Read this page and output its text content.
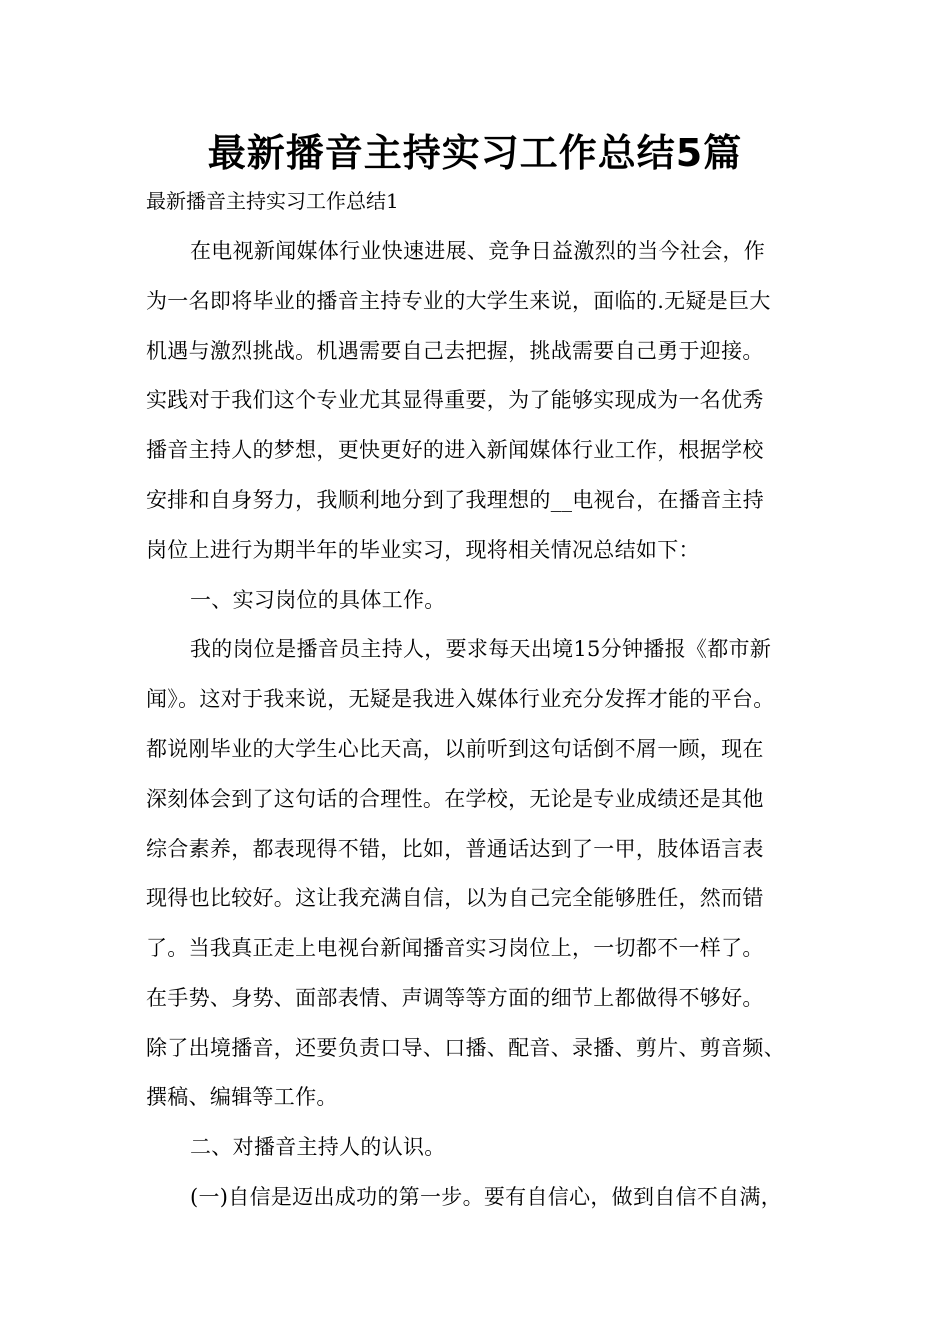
最新播音主持实习工作总结5篇
最新播音主持实习工作总结1
在电视新闻媒体行业快速进展、竞争日益激烈的当今社会，作
为一名即将毕业的播音主持专业的大学生来说，面临的.无疑是巨大
机遇与激烈挑战。机遇需要自己去把握，挑战需要自己勇于迎接。
实践对于我们这个专业尤其显得重要，为了能够实现成为一名优秀
播音主持人的梦想，更快更好的进入新闻媒体行业工作，根据学校
安排和自身努力，我顺利地分到了我理想的__电视台，在播音主持
岗位上进行为期半年的毕业实习，现将相关情况总结如下：
一、实习岗位的具体工作。
我的岗位是播音员主持人，要求每天出境15分钟播报《都市新
闻》。这对于我来说，无疑是我进入媒体行业充分发挥才能的平台。
都说刚毕业的大学生心比天高，以前听到这句话倒不屑一顾，现在
深刻体会到了这句话的合理性。在学校，无论是专业成绩还是其他
综合素养，都表现得不错，比如，普通话达到了一甲，肢体语言表
现得也比较好。这让我充满自信，以为自己完全能够胜任，然而错
了。当我真正走上电视台新闻播音实习岗位上，一切都不一样了。
在手势、身势、面部表情、声调等等方面的细节上都做得不够好。
除了出境播音，还要负责口导、口播、配音、录播、剪片、剪音频、
撰稿、编辑等工作。
二、对播音主持人的认识。
(一)自信是迈出成功的第一步。要有自信心，做到自信不自满，
